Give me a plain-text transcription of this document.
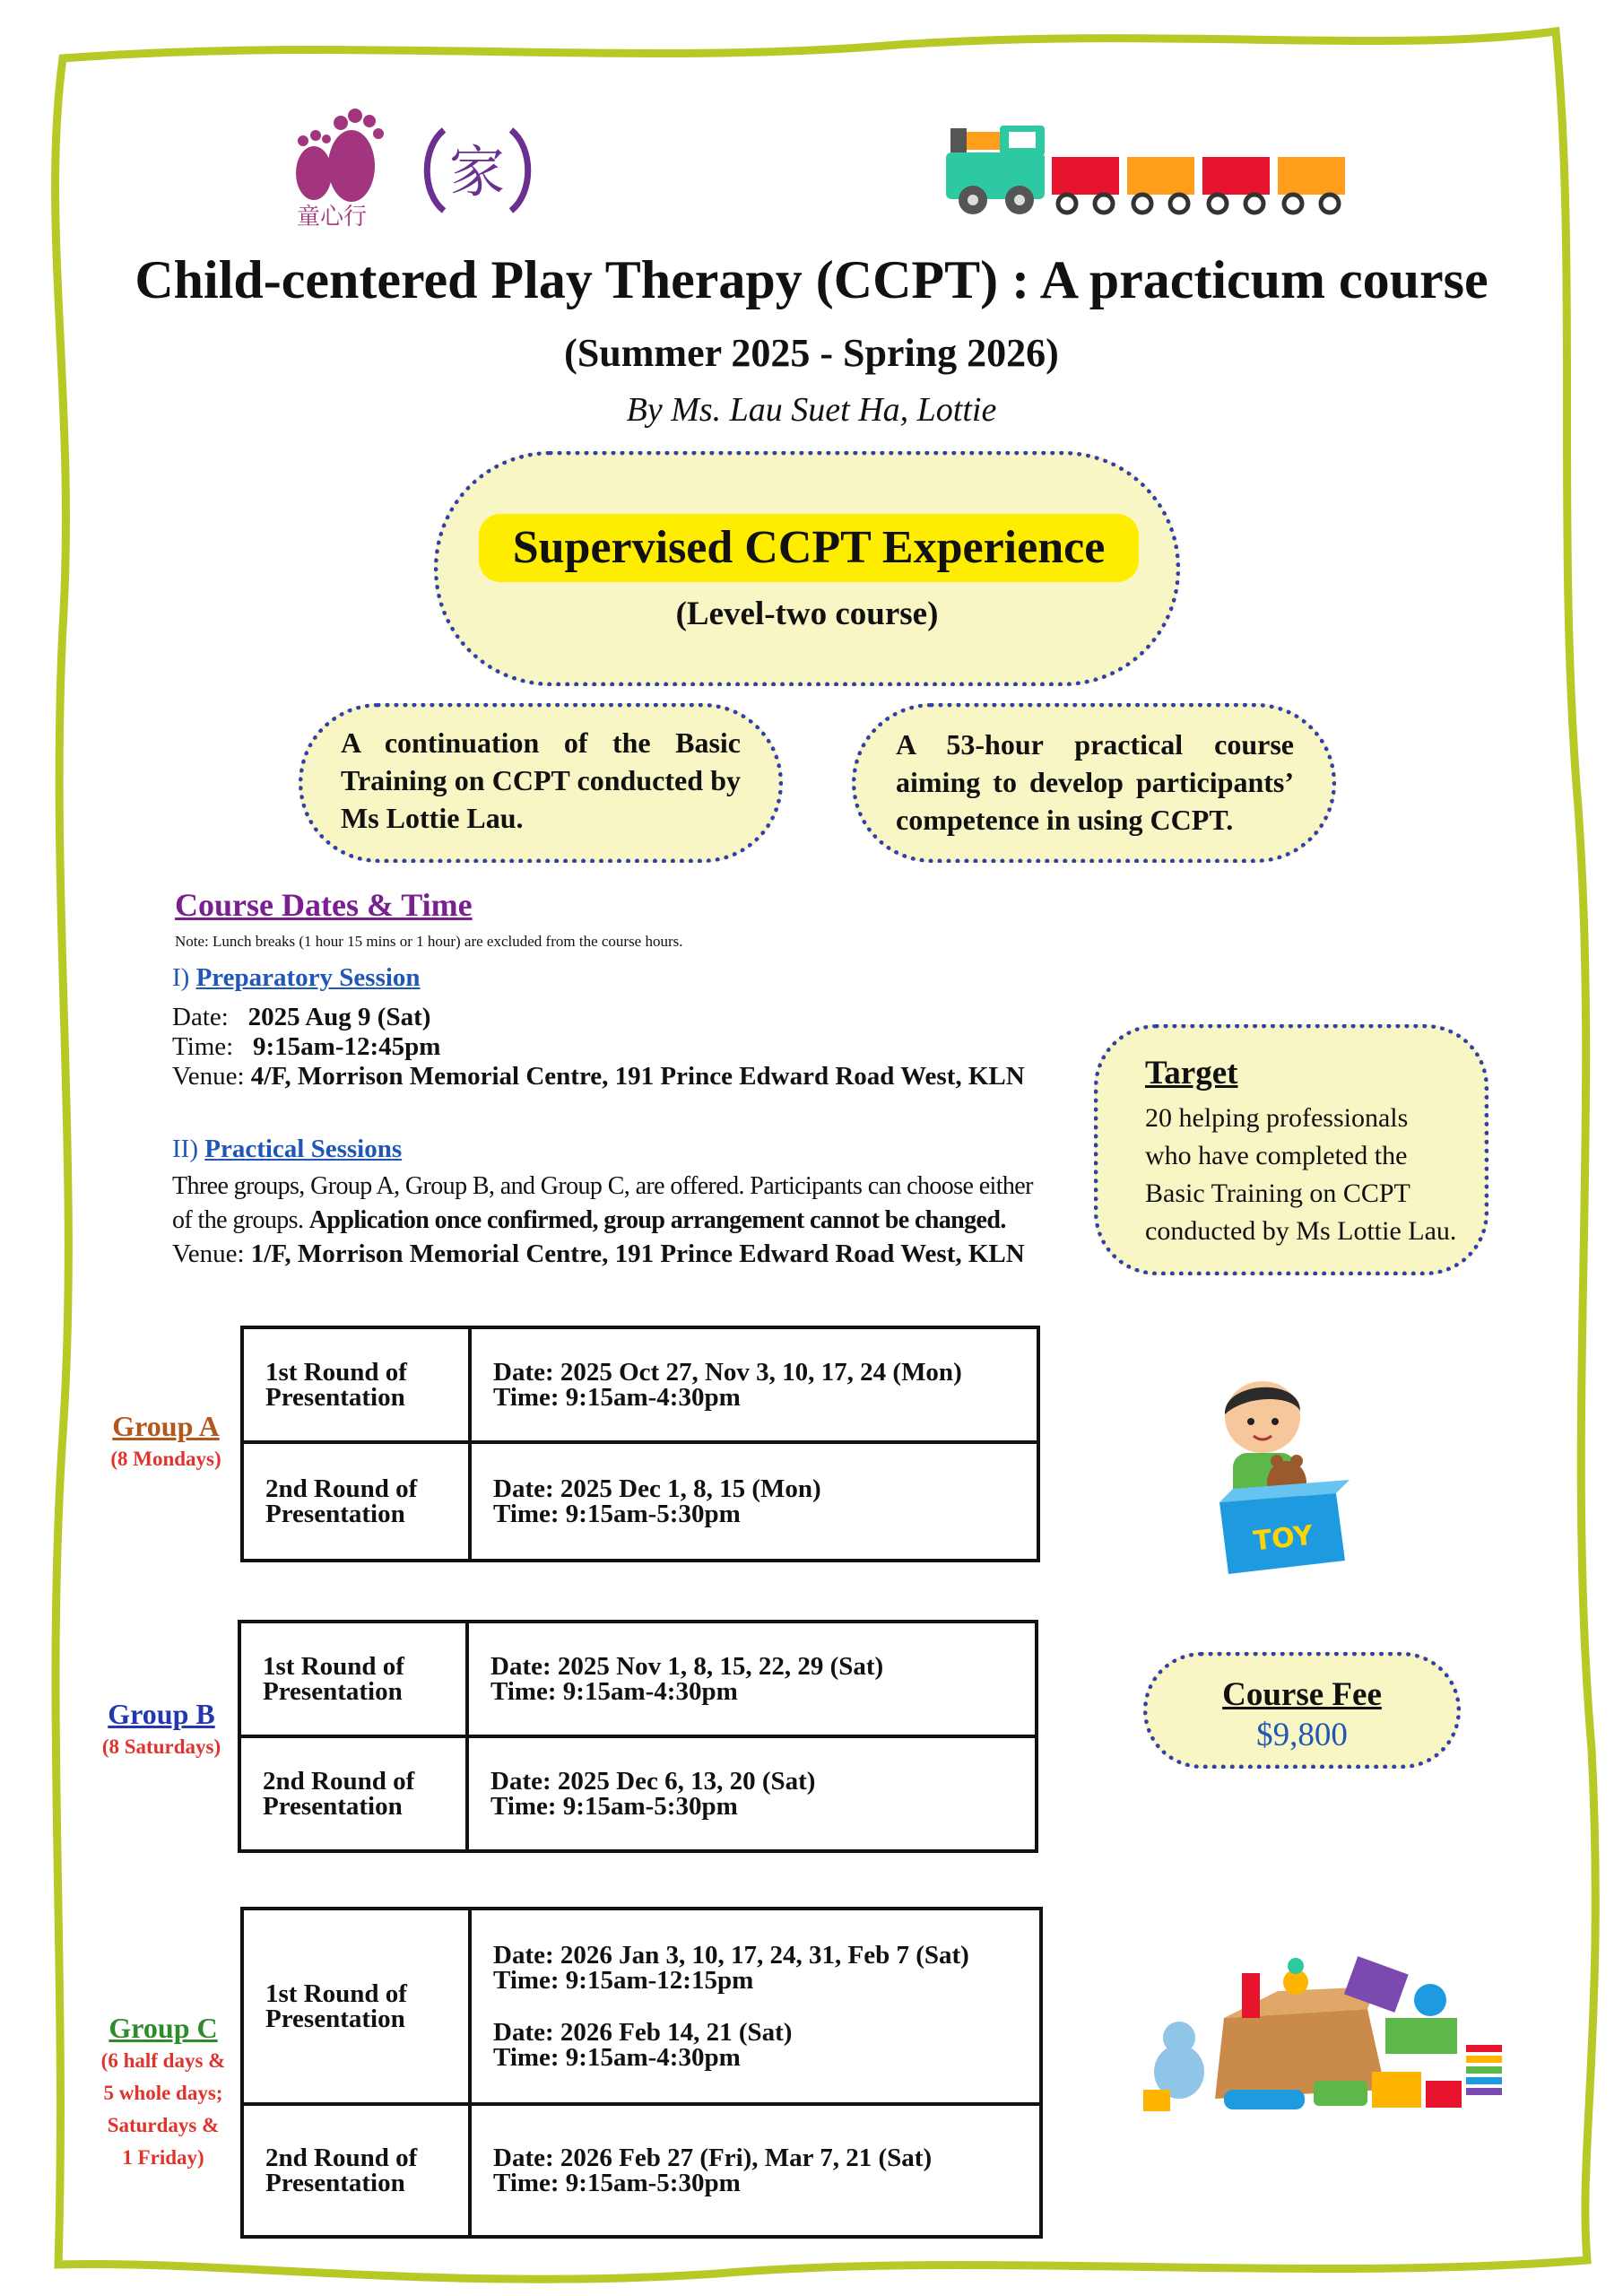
童心行
家
Child-centered Play Therapy (CCPT) : A practicum course
(Summer 2025 - Spring 2026)
By Ms. Lau Suet Ha, Lottie
Supervised CCPT Experience
(Level-two course)
A continuation of the Basic Training on CCPT conducted by Ms Lottie Lau.
A 53-hour practical course aiming to develop participants’ competence in using CCPT.
Course Dates & Time
Note: Lunch breaks (1 hour 15 mins or 1 hour) are excluded from the course hours.
I) Preparatory Session
Date: 2025 Aug 9 (Sat)
Time: 9:15am-12:45pm
Venue: 4/F, Morrison Memorial Centre, 191 Prince Edward Road West, KLN
II) Practical Sessions
Three groups, Group A, Group B, and Group C, are offered. Participants can choose either of the groups. Application once confirmed, group arrangement cannot be changed.
Venue: 1/F, Morrison Memorial Centre, 191 Prince Edward Road West, KLN
Target
20 helping professionals who have completed the Basic Training on CCPT conducted by Ms Lottie Lau.
Group A
(8 Mondays)
1st Round of Presentation	Date: 2025 Oct 27, Nov 3, 10, 17, 24 (Mon)
Time: 9:15am-4:30pm

2nd Round of Presentation	Date: 2025 Dec 1, 8, 15 (Mon)
Time: 9:15am-5:30pm
Group B
(8 Saturdays)
1st Round of Presentation	Date: 2025 Nov 1, 8, 15, 22, 29 (Sat)
Time: 9:15am-4:30pm

2nd Round of Presentation	Date: 2025 Dec 6, 13, 20 (Sat)
Time: 9:15am-5:30pm
Group C
(6 half days &
5 whole days;
Saturdays &
1 Friday)
1st Round of Presentation	Date: 2026 Jan 3, 10, 17, 24, 31, Feb 7 (Sat)
Time: 9:15am-12:15pm
Date: 2026 Feb 14, 21 (Sat)
Time: 9:15am-4:30pm

2nd Round of Presentation	Date: 2026 Feb 27 (Fri), Mar 7, 21 (Sat)
Time: 9:15am-5:30pm
TOY
Course Fee
$9,800
